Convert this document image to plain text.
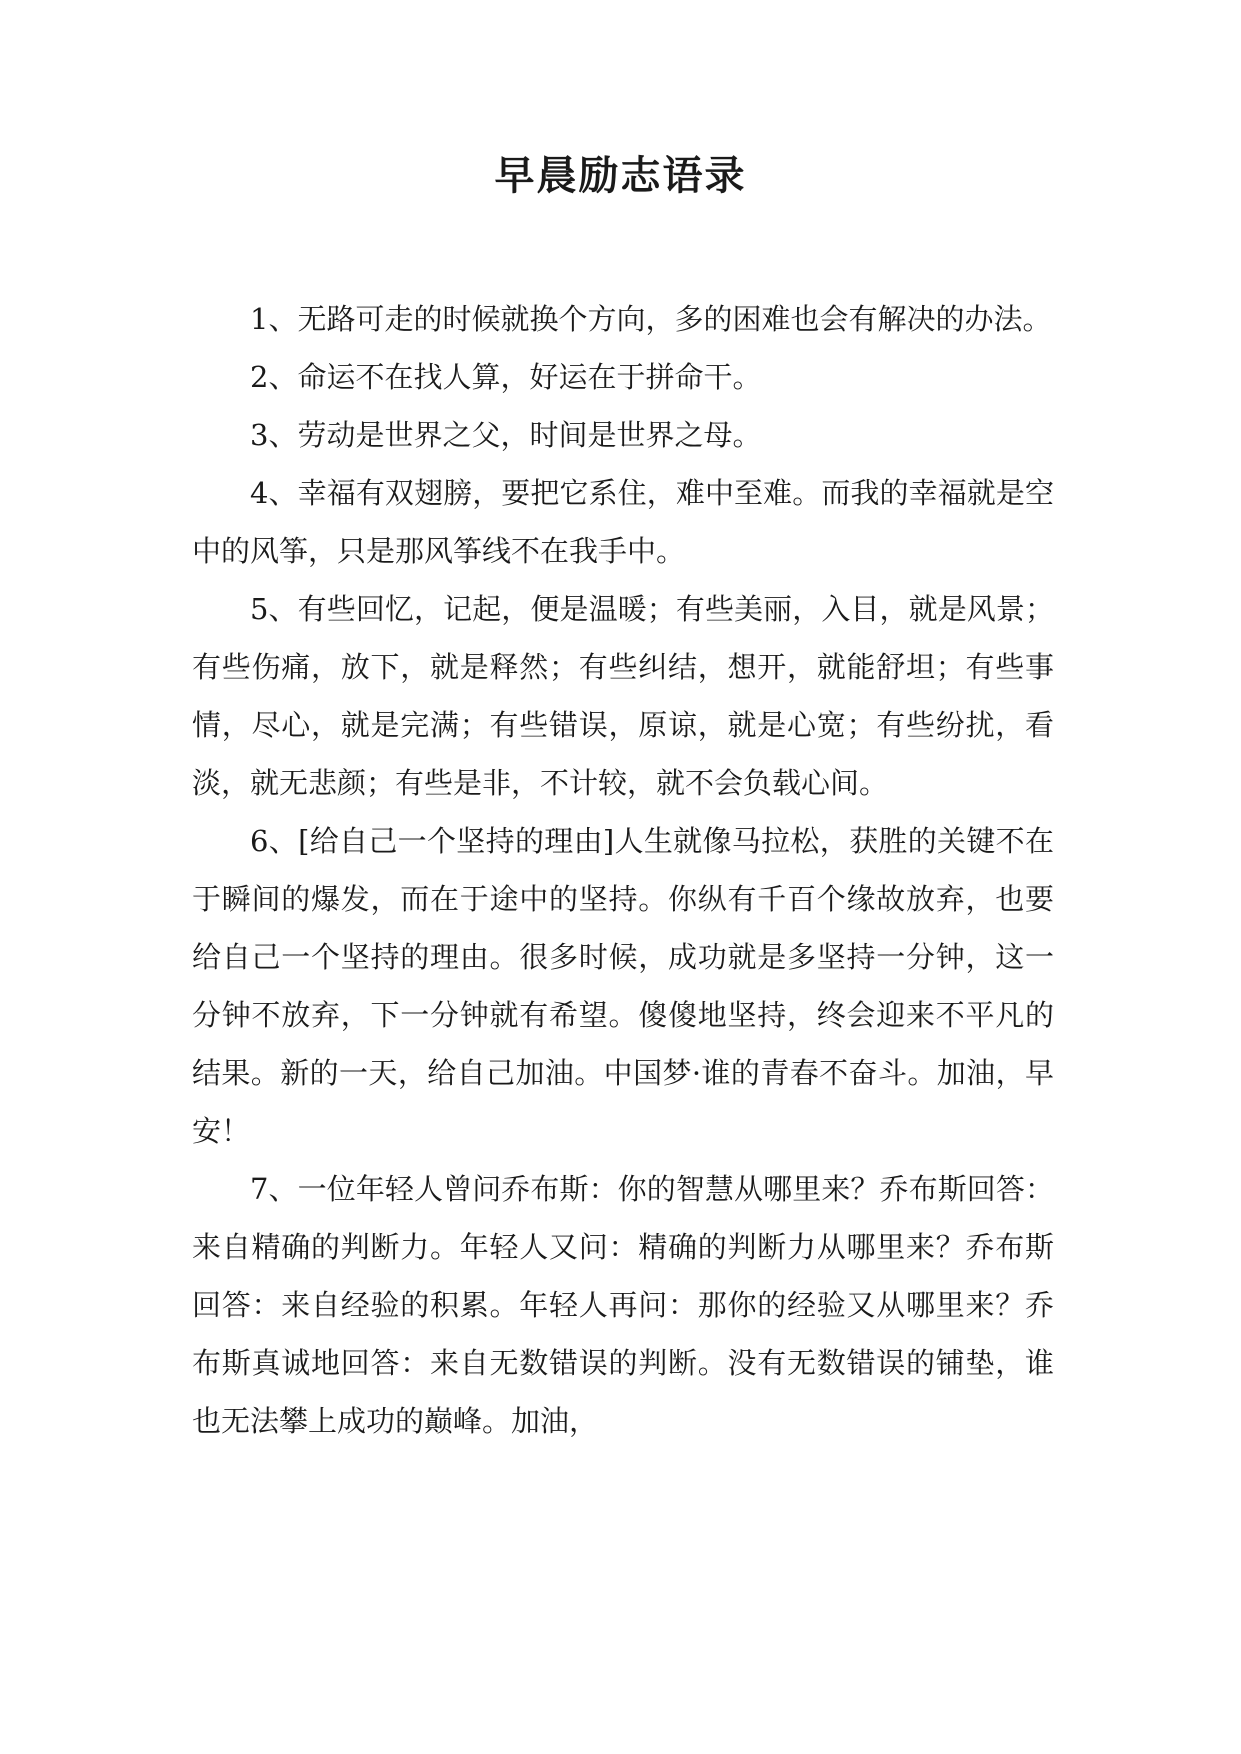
早晨励志语录

1、无路可走的时候就换个方向，多的困难也会有解决的办法。

2、命运不在找人算，好运在于拼命干。

3、劳动是世界之父，时间是世界之母。

4、幸福有双翅膀，要把它系住，难中至难。而我的幸福就是空中的风筝，只是那风筝线不在我手中。

5、有些回忆，记起，便是温暖；有些美丽，入目，就是风景；有些伤痛，放下，就是释然；有些纠结，想开，就能舒坦；有些事情，尽心，就是完满；有些错误，原谅，就是心宽；有些纷扰，看淡，就无悲颜；有些是非，不计较，就不会负载心间。

6、[给自己一个坚持的理由]人生就像马拉松，获胜的关键不在于瞬间的爆发，而在于途中的坚持。你纵有千百个缘故放弃，也要给自己一个坚持的理由。很多时候，成功就是多坚持一分钟，这一分钟不放弃，下一分钟就有希望。傻傻地坚持，终会迎来不平凡的结果。新的一天，给自己加油。中国梦·谁的青春不奋斗。加油，早安！

7、一位年轻人曾问乔布斯：你的智慧从哪里来？乔布斯回答：来自精确的判断力。年轻人又问：精确的判断力从哪里来？乔布斯回答：来自经验的积累。年轻人再问：那你的经验又从哪里来？乔布斯真诚地回答：来自无数错误的判断。没有无数错误的铺垫，谁也无法攀上成功的巅峰。加油，
